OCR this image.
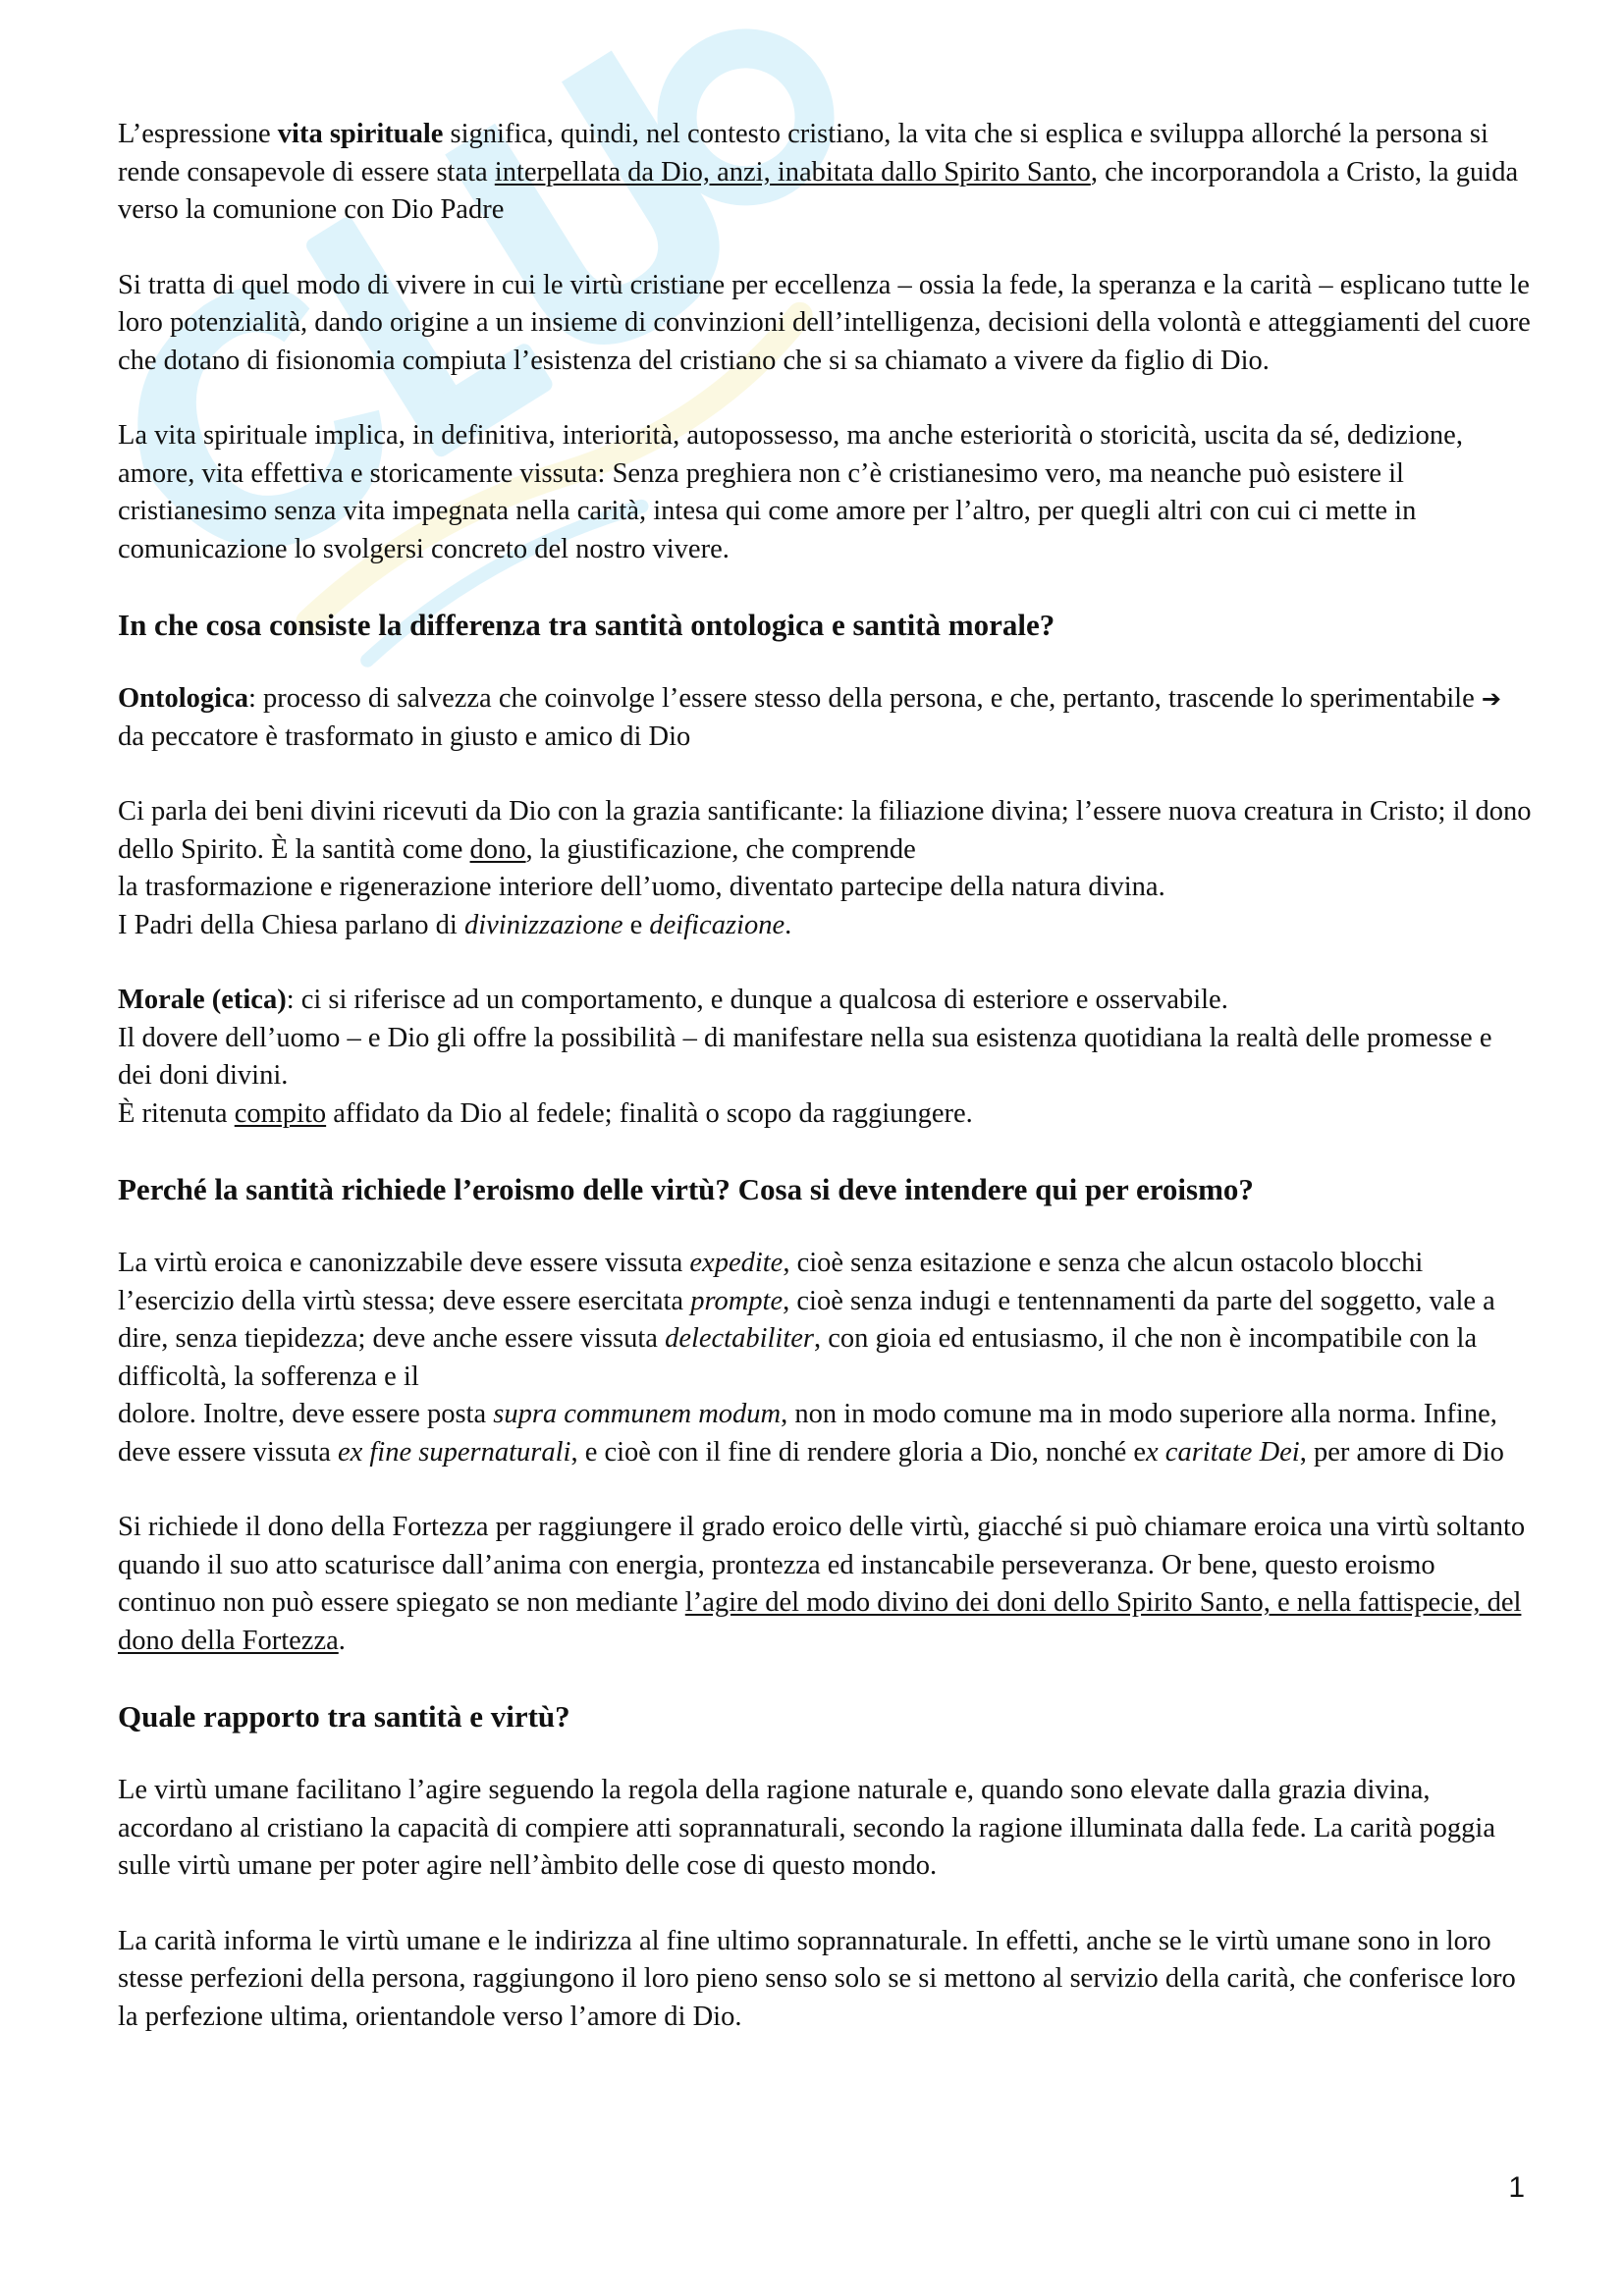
L’espressione vita spirituale significa, quindi, nel contesto cristiano, la vita che si esplica e sviluppa allorché la persona si rende consapevole di essere stata interpellata da Dio, anzi, inabitata dallo Spirito Santo, che incorporandola a Cristo, la guida verso la comunione con Dio Padre

Si tratta di quel modo di vivere in cui le virtù cristiane per eccellenza – ossia la fede, la speranza e la carità – esplicano tutte le loro potenzialità, dando origine a un insieme di convinzioni dell’intelligenza, decisioni della volontà e atteggiamenti del cuore che dotano di fisionomia compiuta l’esistenza del cristiano che si sa chiamato a vivere da figlio di Dio.

La vita spirituale implica, in definitiva, interiorità, autopossesso, ma anche esteriorità o storicità, uscita da sé, dedizione, amore, vita effettiva e storicamente vissuta: Senza preghiera non c’è cristianesimo vero, ma neanche può esistere il cristianesimo senza vita impegnata nella carità, intesa qui come amore per l’altro, per quegli altri con cui ci mette in comunicazione lo svolgersi concreto del nostro vivere.

In che cosa consiste la differenza tra santità ontologica e santità morale?

Ontologica: processo di salvezza che coinvolge l’essere stesso della persona, e che, pertanto, trascende lo sperimentabile ➔ da peccatore è trasformato in giusto e amico di Dio

Ci parla dei beni divini ricevuti da Dio con la grazia santificante: la filiazione divina; l’essere nuova creatura in Cristo; il dono dello Spirito. È la santità come dono, la giustificazione, che comprende
la trasformazione e rigenerazione interiore dell’uomo, diventato partecipe della natura divina.
I Padri della Chiesa parlano di divinizzazione e deificazione.

Morale (etica): ci si riferisce ad un comportamento, e dunque a qualcosa di esteriore e osservabile.
Il dovere dell’uomo – e Dio gli offre la possibilità – di manifestare nella sua esistenza quotidiana la realtà delle promesse e dei doni divini.
È ritenuta compito affidato da Dio al fedele; finalità o scopo da raggiungere.

Perché la santità richiede l’eroismo delle virtù? Cosa si deve intendere qui per eroismo?

La virtù eroica e canonizzabile deve essere vissuta expedite, cioè senza esitazione e senza che alcun ostacolo blocchi l’esercizio della virtù stessa; deve essere esercitata prompte, cioè senza indugi e tentennamenti da parte del soggetto, vale a dire, senza tiepidezza; deve anche essere vissuta delectabiliter, con gioia ed entusiasmo, il che non è incompatibile con la difficoltà, la sofferenza e il
dolore. Inoltre, deve essere posta supra communem modum, non in modo comune ma in modo superiore alla norma. Infine, deve essere vissuta ex fine supernaturali, e cioè con il fine di rendere gloria a Dio, nonché ex caritate Dei, per amore di Dio

Si richiede il dono della Fortezza per raggiungere il grado eroico delle virtù, giacché si può chiamare eroica una virtù soltanto quando il suo atto scaturisce dall’anima con energia, prontezza ed instancabile perseveranza. Or bene, questo eroismo continuo non può essere spiegato se non mediante l’agire del modo divino dei doni dello Spirito Santo, e nella fattispecie, del dono della Fortezza.

Quale rapporto tra santità e virtù?

Le virtù umane facilitano l’agire seguendo la regola della ragione naturale e, quando sono elevate dalla grazia divina, accordano al cristiano la capacità di compiere atti soprannaturali, secondo la ragione illuminata dalla fede. La carità poggia sulle virtù umane per poter agire nell’àmbito delle cose di questo mondo.

La carità informa le virtù umane e le indirizza al fine ultimo soprannaturale. In effetti, anche se le virtù umane sono in loro stesse perfezioni della persona, raggiungono il loro pieno senso solo se si mettono al servizio della carità, che conferisce loro la perfezione ultima, orientandole verso l’amore di Dio.

1
